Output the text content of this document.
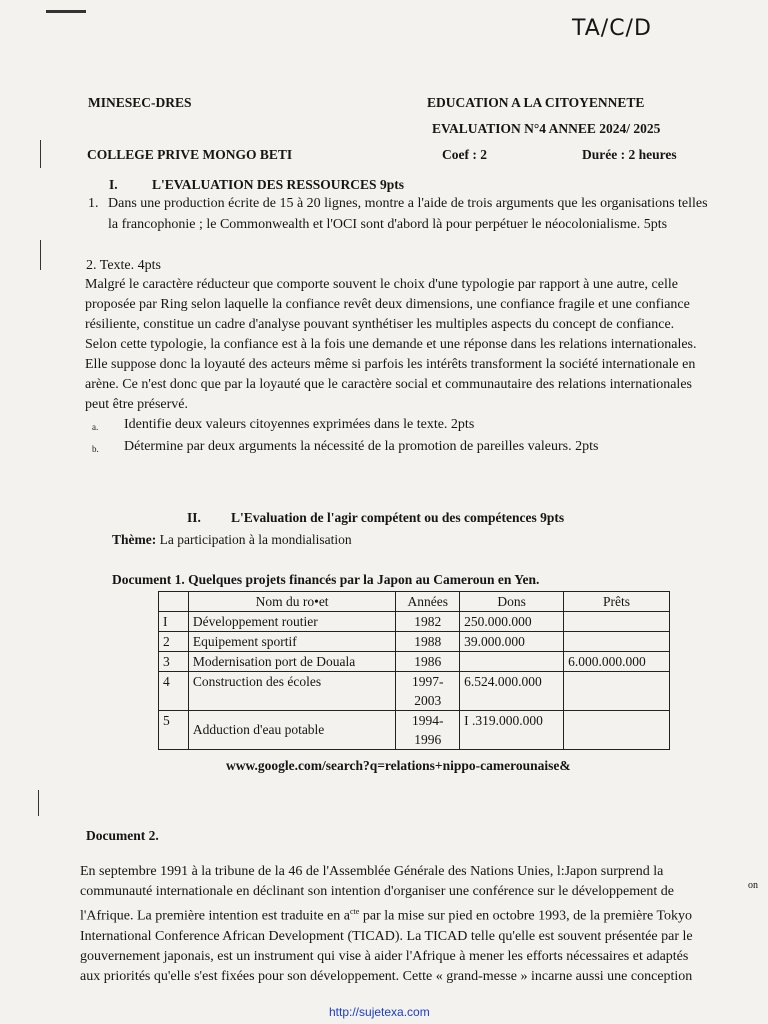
TA/C/D
MINESEC-DRES	EDUCATION A LA CITOYENNETE
EVALUATION N°4 ANNEE 2024/ 2025
COLLEGE PRIVE MONGO BETI	Coef : 2	Durée : 2 heures
I.	L'EVALUATION DES RESSOURCES 9pts
1. Dans une production écrite de 15 à 20 lignes, montre a l'aide de trois arguments que les organisations telles
la francophonie ; le Commonwealth et l'OCI sont d'abord là pour perpétuer le néocolonialisme. 5pts
2. Texte. 4pts
Malgré le caractère réducteur que comporte souvent le choix d'une typologie par rapport à une autre, celle
proposée par Ring selon laquelle la confiance revêt deux dimensions, une confiance fragile et une confiance
résiliente, constitue un cadre d'analyse pouvant synthétiser les multiples aspects du concept de confiance.
Selon cette typologie, la confiance est à la fois une demande et une réponse dans les relations internationales.
Elle suppose donc la loyauté des acteurs même si parfois les intérêts transforment la société internationale en
arène. Ce n'est donc que par la loyauté que le caractère social et communautaire des relations internationales
peut être préservé.
a. Identifie deux valeurs citoyennes exprimées dans le texte. 2pts
b. Détermine par deux arguments la nécessité de la promotion de pareilles valeurs. 2pts
II. L'Evaluation de l'agir compétent ou des compétences 9pts
Thème: La participation à la mondialisation
Document 1. Quelques projets financés par la Japon au Cameroun en Yen.
	Nom du ro•et	Années	Dons	Prêts
I	Développement routier	1982	250.000.000	
2	Equipement sportif	1988	39.000.000	
3	Modernisation port de Douala	1986		6.000.000.000
4	Construction des écoles	1997-
2003	6.524.000.000	
5	Adduction d'eau potable	1994-
1996	I .319.000.000	
www.google.com/search?q=relations+nippo-camerounaise&
Document 2.
En septembre 1991 à la tribune de la 46 de l'Assemblée Générale des Nations Unies, l:Japon surprend la
communauté internationale en déclinant son intention d'organiser une conférence sur le développement de
l'Afrique. La première intention est traduite en $a^{cte}$ par la mise sur pied en octobre 1993, de la première Tokyo
International Conference African Development (TICAD). La TICAD telle qu'elle est souvent présentée par le
gouvernement japonais, est un instrument qui vise à aider l'Afrique à mener les efforts nécessaires et adaptés
aux priorités qu'elle s'est fixées pour son développement. Cette « grand-messe » incarne aussi une conception
on
http://sujetexa.com
